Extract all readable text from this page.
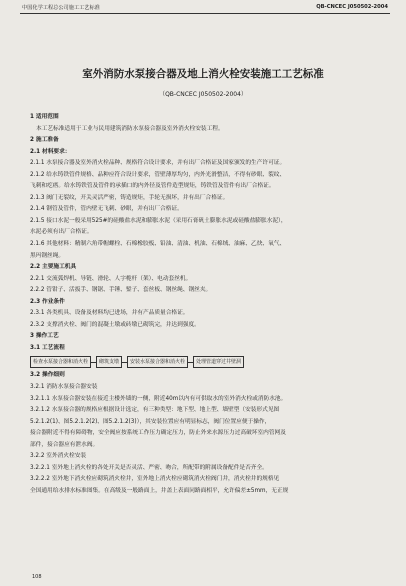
中国化学工程总公司施工工艺标准	QB-CNCEC J050502-2004
室外消防水泵接合器及地上消火栓安装施工工艺标准
（QB-CNCEC J050502-2004）
1 适用范围
本工艺标准适用于工业与民用建筑消防水泵接合器及室外消火栓安装工程。
2 施工准备
2.1 材料要求：
2.1.1 水泵接合器及室外消火栓品种、规格符合设计要求，并有出厂合格证及国家颁发的生产许可证。
2.1.2 给水铸铁管件规格、品种应符合设计要求，管壁薄厚均匀，内外光滑整洁，不得有砂眼、裂纹、
飞刺和疙瘩。给水铸铁管及管件的承插口的内外径及管件造型规矩，铸铁管及管件有出厂合格证。
2.1.3 阀门无裂纹，开关灵活严密，铸造规矩，手轮无损坏，并有出厂合格证。
2.1.4 钢管及管件，管内壁无飞刺、砂眼，并有出厂合格证。
2.1.5 接口水泥一般采用525#的硅酸盐水泥和膨胀水泥（采用石膏矾土膨胀水泥或硅酸盐膨胀水泥），
水泥必须有出厂合格证。
2.1.6 其他材料：精制六角带帽螺栓、石棉橡胶板、铅油、清油、机油、石棉绒、油麻、乙炔、氧气、
黑玛钢丝绳。
2.2 主要施工机具
2.2.1 交流弧焊机、导链、滑轮、人字桅杆（架）、电动套丝机。
2.2.2 管钳子、活扳手、钢锯、手锤、錾子、套丝板、钢丝绳、钢丝夹。
2.3 作业条件
2.3.1 各类机具、设备及材料均已进场，并有产品质量合格证。
2.3.2 支撑消火栓、阀门的混凝土墩或砖墩已砌筑完，并达到强度。
3 操作工艺
3.1 工艺流程
检查水泵接合器和消火栓	砌筑支墩	安装水泵接合器和消火栓	处理管道穿过井壁洞
3.2 操作细则
3.2.1 消防水泵接合器安装
3.2.1.1 水泵接合器安装在接近主楼外墙的一侧，附近40m以内有可供取水的室外消火栓或消防水池。
3.2.1.2 水泵接合器的规格应根据设计选定，有三种类型：地下型、地上型、墙壁型（安装形式见图
5.2.1.2(1)、图5.2.1.2(2)、图5.2.1.2(3)），其安装位置应有明显标志，阀门位置应便于操作，
接合器附近不得有障碍物，安全阀应按系统工作压力确定压力，防止外来水源压力过高破坏室内管网及
部件，接合器应有泄水阀。
3.2.2 室外消火栓安装
3.2.2.1 室外地上消火栓的各处开关是否灵活、严密、吻合，所配带的附属设备配件是否齐全。
3.2.2.2 室外地下消火栓应砌筑消火栓井，室外地上消火栓应砌筑消火栓阀门井，消火栓井的规格见
全国通用给水排水标准图集。在高级及一般路面上，井盖上表面同路面相平，允许偏差±5mm，无正规
108
